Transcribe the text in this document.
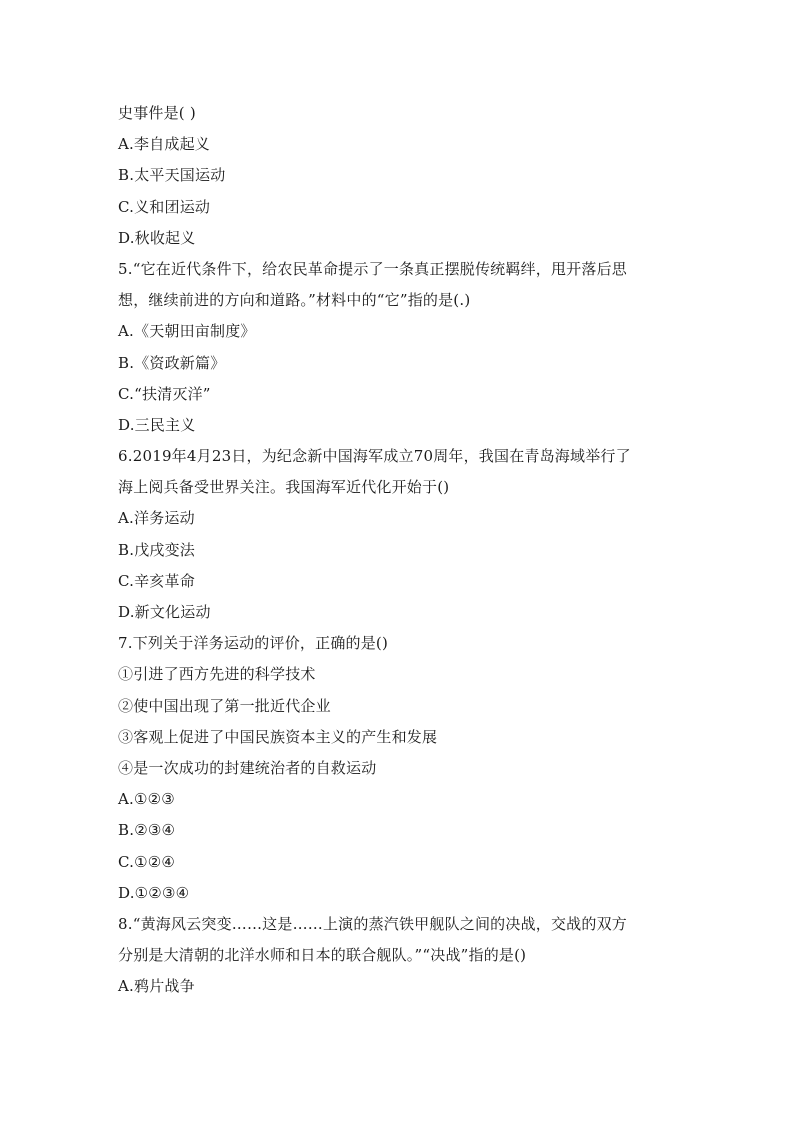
史事件是( )
A.李自成起义
B.太平天国运动
C.义和团运动
D.秋收起义
5.“它在近代条件下，给农民革命提示了一条真正摆脱传统羁绊，甩开落后思
想，继续前进的方向和道路。”材料中的“它”指的是(.)
A.《天朝田亩制度》
B.《资政新篇》
C.“扶清灭洋”
D.三民主义
6.2019年4月23日，为纪念新中国海军成立70周年，我国在青岛海域举行了
海上阅兵备受世界关注。我国海军近代化开始于()
A.洋务运动
B.戊戌变法
C.辛亥革命
D.新文化运动
7.下列关于洋务运动的评价，正确的是()
①引进了西方先进的科学技术
②使中国出现了第一批近代企业
③客观上促进了中国民族资本主义的产生和发展
④是一次成功的封建统治者的自救运动
A.①②③
B.②③④
C.①②④
D.①②③④
8.“黄海风云突变……这是……上演的蒸汽铁甲舰队之间的决战，交战的双方
分别是大清朝的北洋水师和日本的联合舰队。”“决战”指的是()
A.鸦片战争
